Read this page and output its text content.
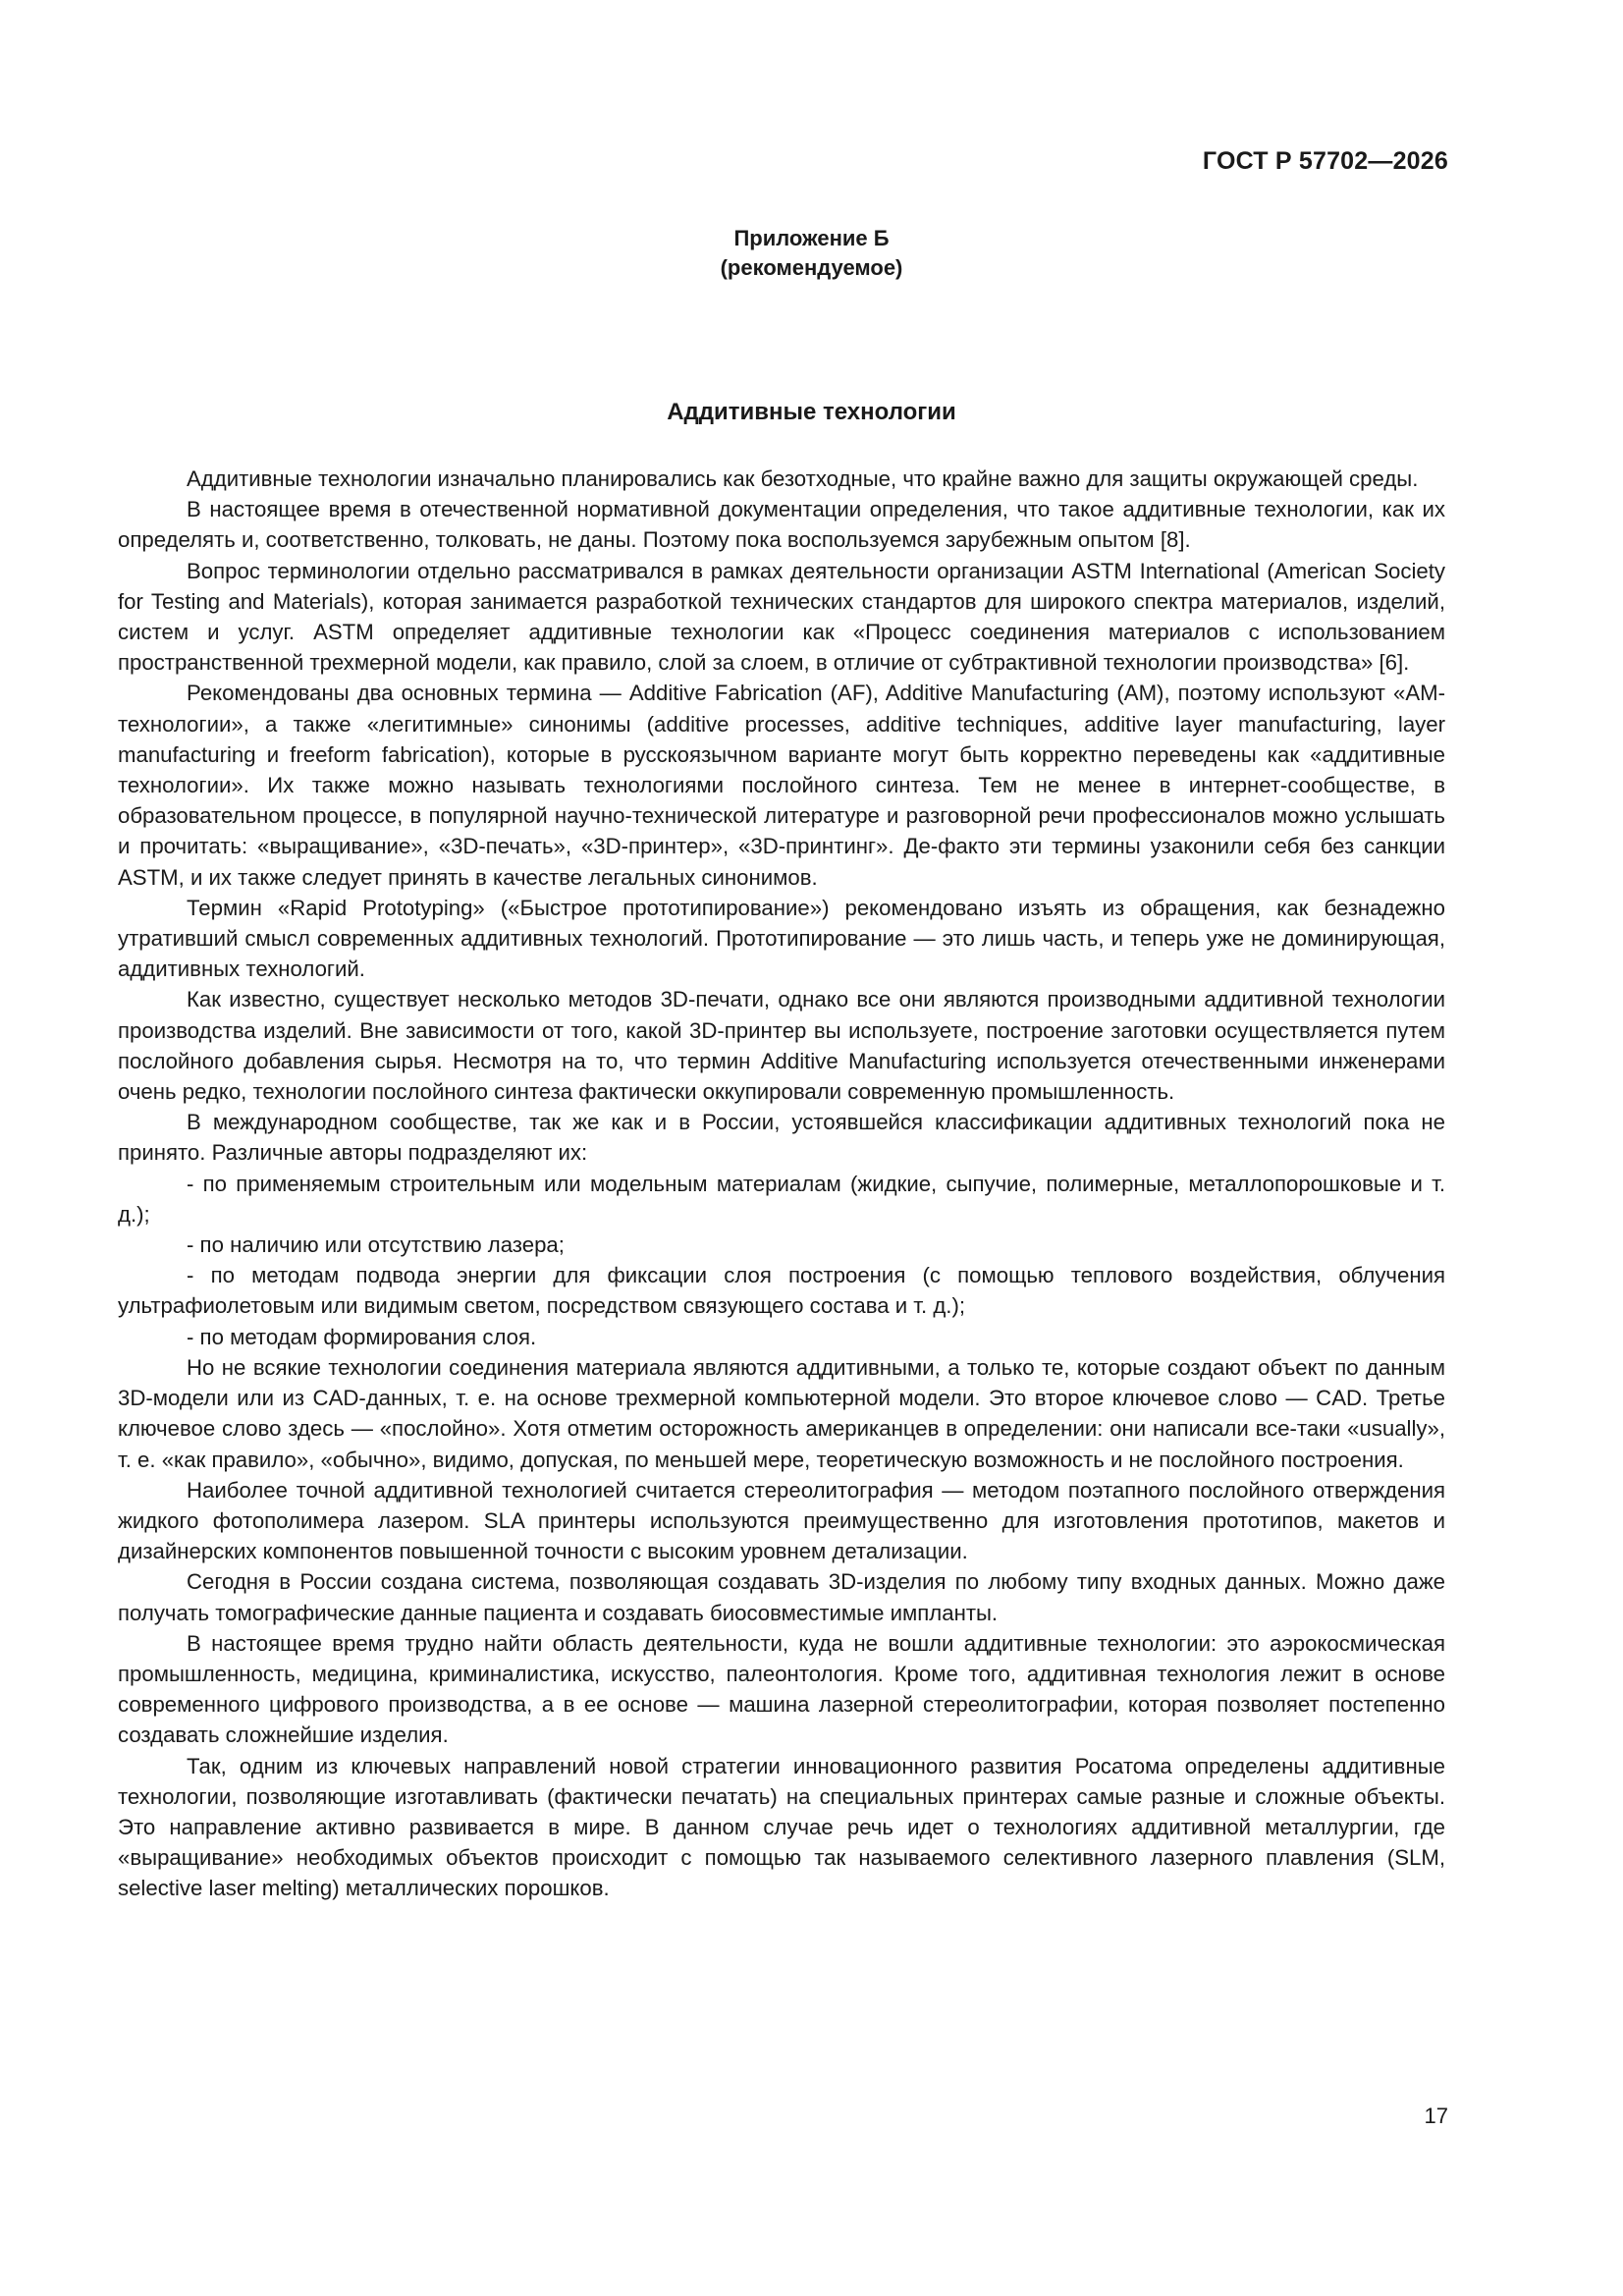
ГОСТ Р 57702—2026
Приложение Б
(рекомендуемое)
Аддитивные технологии

Аддитивные технологии изначально планировались как безотходные, что крайне важно для защиты окружающей среды.

В настоящее время в отечественной нормативной документации определения, что такое аддитивные технологии, как их определять и, соответственно, толковать, не даны. Поэтому пока воспользуемся зарубежным опытом [8].

Вопрос терминологии отдельно рассматривался в рамках деятельности организации ASTM International (American Society for Testing and Materials), которая занимается разработкой технических стандартов для широкого спектра материалов, изделий, систем и услуг. ASTM определяет аддитивные технологии как «Процесс соединения материалов с использованием пространственной трехмерной модели, как правило, слой за слоем, в отличие от субтрактивной технологии производства» [6].

Рекомендованы два основных термина — Additive Fabrication (AF), Additive Manufacturing (AM), поэтому используют «АМ-технологии», а также «легитимные» синонимы (additive processes, additive techniques, additive layer manufacturing, layer manufacturing и freeform fabrication), которые в русскоязычном варианте могут быть корректно переведены как «аддитивные технологии». Их также можно называть технологиями послойного синтеза. Тем не менее в интернет-сообществе, в образовательном процессе, в популярной научно-технической литературе и разговорной речи профессионалов можно услышать и прочитать: «выращивание», «3D-печать», «3D-принтер», «3D-принтинг». Де-факто эти термины узаконили себя без санкции ASTM, и их также следует принять в качестве легальных синонимов.

Термин «Rapid Prototyping» («Быстрое прототипирование») рекомендовано изъять из обращения, как безнадежно утративший смысл современных аддитивных технологий. Прототипирование — это лишь часть, и теперь уже не доминирующая, аддитивных технологий.

Как известно, существует несколько методов 3D-печати, однако все они являются производными аддитивной технологии производства изделий. Вне зависимости от того, какой 3D-принтер вы используете, построение заготовки осуществляется путем послойного добавления сырья. Несмотря на то, что термин Additive Manufacturing используется отечественными инженерами очень редко, технологии послойного синтеза фактически оккупировали современную промышленность.

В международном сообществе, так же как и в России, устоявшейся классификации аддитивных технологий пока не принято. Различные авторы подразделяют их:

- по применяемым строительным или модельным материалам (жидкие, сыпучие, полимерные, металлопорошковые и т. д.);

- по наличию или отсутствию лазера;

- по методам подвода энергии для фиксации слоя построения (с помощью теплового воздействия, облучения ультрафиолетовым или видимым светом, посредством связующего состава и т. д.);

- по методам формирования слоя.

Но не всякие технологии соединения материала являются аддитивными, а только те, которые создают объект по данным 3D-модели или из CAD-данных, т. е. на основе трехмерной компьютерной модели. Это второе ключевое слово — CAD. Третье ключевое слово здесь — «послойно». Хотя отметим осторожность американцев в определении: они написали все-таки «usually», т. е. «как правило», «обычно», видимо, допуская, по меньшей мере, теоретическую возможность и не послойного построения.

Наиболее точной аддитивной технологией считается стереолитография — методом поэтапного послойного отверждения жидкого фотополимера лазером. SLA принтеры используются преимущественно для изготовления прототипов, макетов и дизайнерских компонентов повышенной точности с высоким уровнем детализации.

Сегодня в России создана система, позволяющая создавать 3D-изделия по любому типу входных данных. Можно даже получать томографические данные пациента и создавать биосовместимые импланты.

В настоящее время трудно найти область деятельности, куда не вошли аддитивные технологии: это аэрокосмическая промышленность, медицина, криминалистика, искусство, палеонтология. Кроме того, аддитивная технология лежит в основе современного цифрового производства, а в ее основе — машина лазерной стереолитографии, которая позволяет постепенно создавать сложнейшие изделия.

Так, одним из ключевых направлений новой стратегии инновационного развития Росатома определены аддитивные технологии, позволяющие изготавливать (фактически печатать) на специальных принтерах самые разные и сложные объекты. Это направление активно развивается в мире. В данном случае речь идет о технологиях аддитивной металлургии, где «выращивание» необходимых объектов происходит с помощью так называемого селективного лазерного плавления (SLM, selective laser melting) металлических порошков.

17
